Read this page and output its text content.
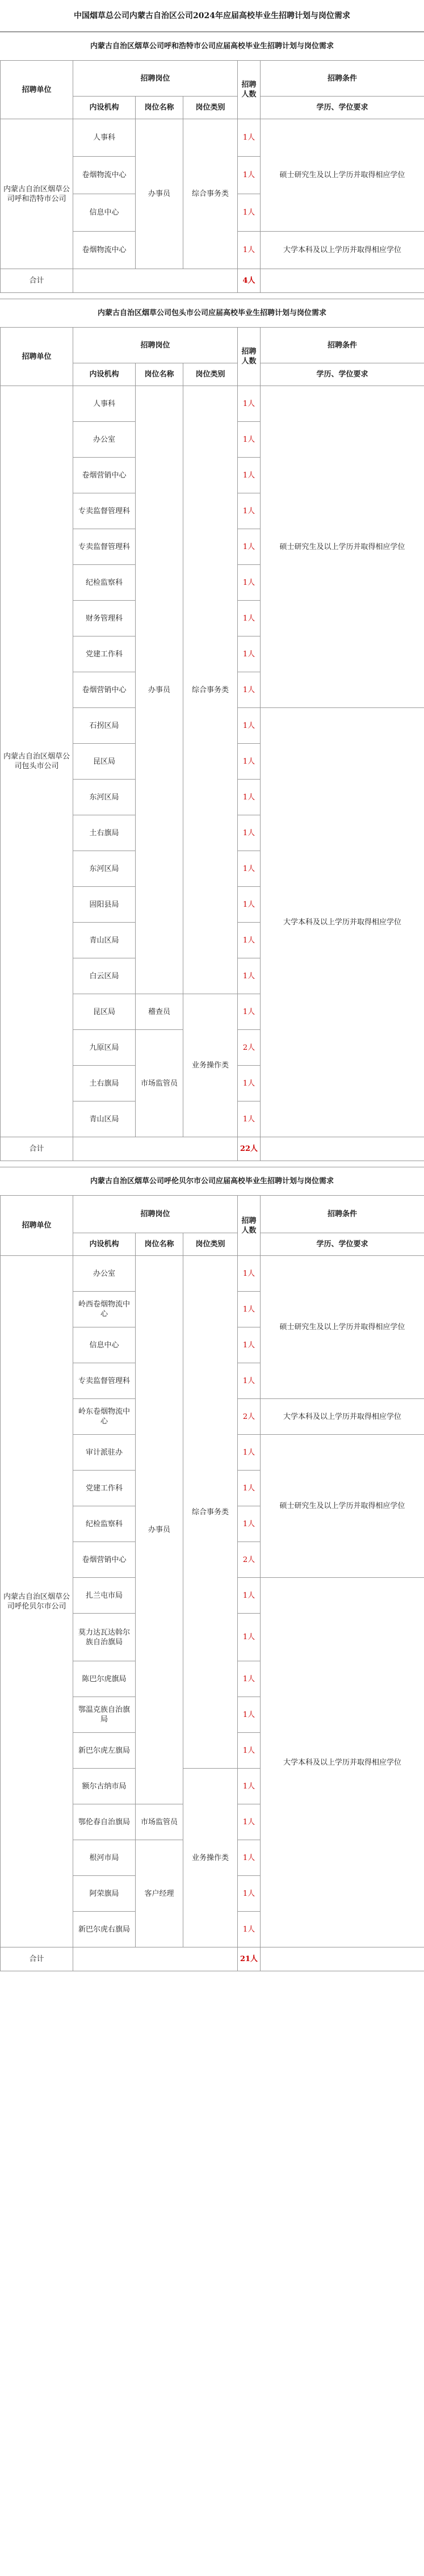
中国烟草总公司内蒙古自治区公司2024年应届高校毕业生招聘计划与岗位需求
内蒙古自治区烟草公司呼和浩特市公司应届高校毕业生招聘计划与岗位需求
招聘单位	招聘岗位			招聘人数	招聘条件
	内设机构	岗位名称	岗位类别		学历、学位要求
内蒙古自治区烟草公司呼和浩特市公司	人事科	办事员	综合事务类	1人	硕士研究生及以上学历并取得相应学位
	卷烟物流中心			1人	
	信息中心			1人	
	卷烟物流中心			1人	大学本科及以上学历并取得相应学位
合计				4人	
内蒙古自治区烟草公司包头市公司应届高校毕业生招聘计划与岗位需求
招聘单位	招聘岗位			招聘人数	招聘条件
	内设机构	岗位名称	岗位类别		学历、学位要求
内蒙古自治区烟草公司包头市公司	人事科	办事员	综合事务类	1人	硕士研究生及以上学历并取得相应学位
	办公室			1人	
	卷烟营销中心			1人	
	专卖监督管理科			1人	
	专卖监督管理科			1人	
	纪检监察科			1人	
	财务管理科			1人	
	党建工作科			1人	
	卷烟营销中心			1人	
	石拐区局			1人	大学本科及以上学历并取得相应学位
	昆区局			1人	
	东河区局			1人	
	土右旗局			1人	
	东河区局			1人	
	固阳县局			1人	
	青山区局			1人	
	白云区局			1人	
	昆区局	稽查员	业务操作类	1人	
	九原区局	市场监管员		2人	
	土右旗局			1人	
	青山区局			1人	
合计				22人	
内蒙古自治区烟草公司呼伦贝尔市公司应届高校毕业生招聘计划与岗位需求
招聘单位	招聘岗位			招聘人数	招聘条件
	内设机构	岗位名称	岗位类别		学历、学位要求
内蒙古自治区烟草公司呼伦贝尔市公司	办公室	办事员	综合事务类	1人	硕士研究生及以上学历并取得相应学位
	岭西卷烟物流中心			1人	
	信息中心			1人	
	专卖监督管理科			1人	
	岭东卷烟物流中心			2人	大学本科及以上学历并取得相应学位
	审计派驻办			1人	硕士研究生及以上学历并取得相应学位
	党建工作科			1人	
	纪检监察科			1人	
	卷烟营销中心			2人	
	扎兰屯市局			1人	大学本科及以上学历并取得相应学位
	莫力达瓦达斡尔族自治旗局			1人	
	陈巴尔虎旗局			1人	
	鄂温克族自治旗局			1人	
	新巴尔虎左旗局			1人	
	额尔古纳市局		业务操作类	1人	
	鄂伦春自治旗局	市场监管员		1人	
	根河市局	客户经理		1人	
	阿荣旗局			1人	
	新巴尔虎右旗局			1人	
合计				21人	
